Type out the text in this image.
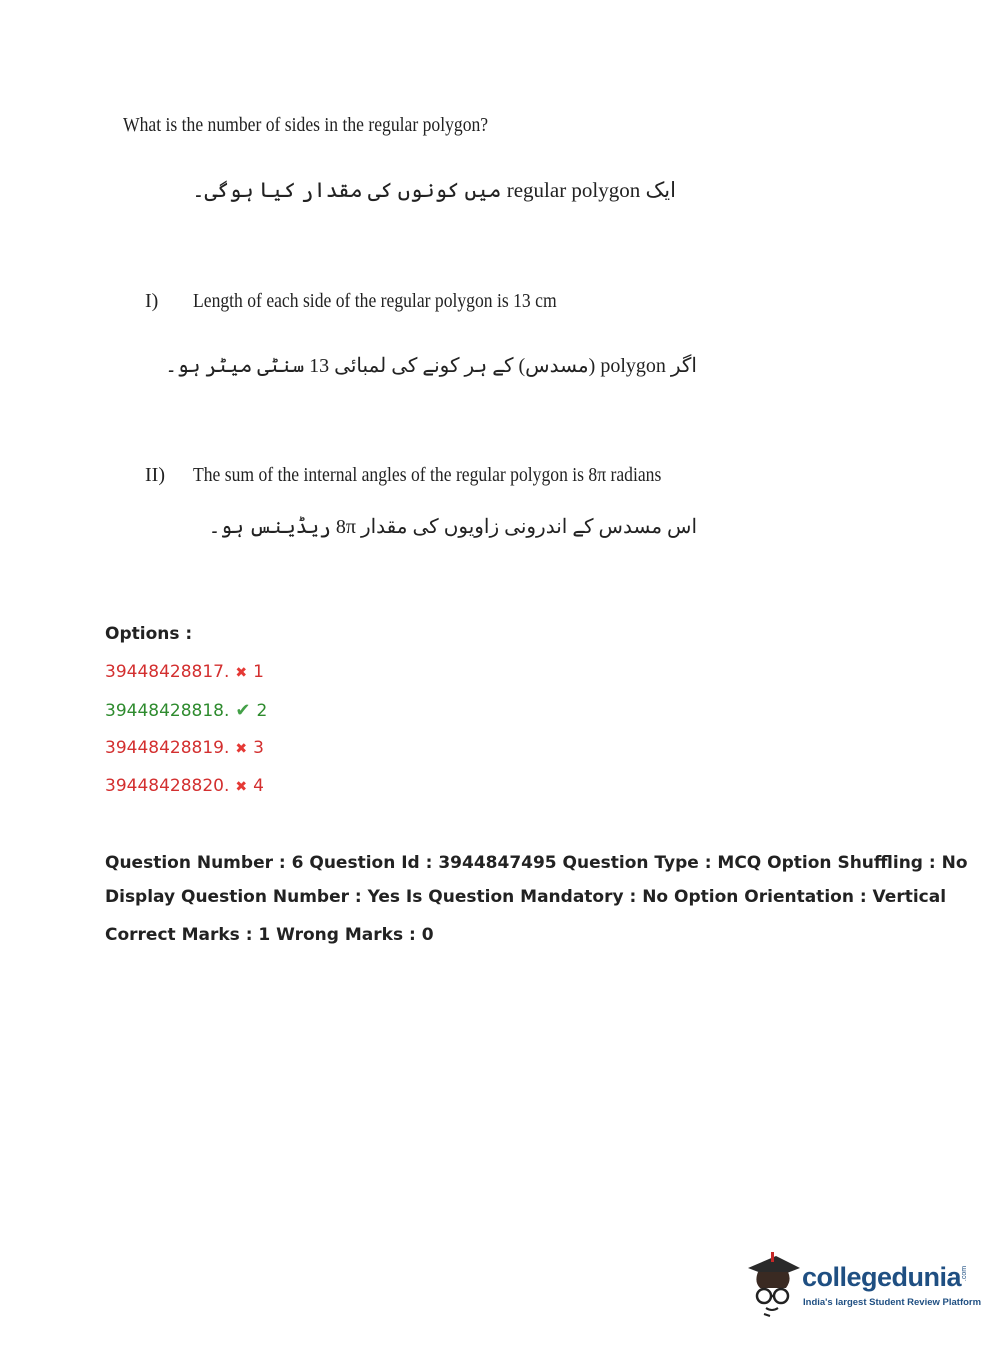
What is the number of sides in the regular polygon?
ایک regular polygon میں کونوں کی مقدار کیا ہوگی۔
I) Length of each side of the regular polygon is 13 cm
اگر polygon (مسدس) کے ہر کونے کی لمبائی 13 سنٹی میٹر ہو۔
II) The sum of the internal angles of the regular polygon is 8π radians
اس مسدس کے اندرونی زاویوں کی مقدار 8π ریڈینس ہو۔
Options :
39448428817. ✖ 1
39448428818. ✔ 2
39448428819. ✖ 3
39448428820. ✖ 4
Question Number : 6 Question Id : 3944847495 Question Type : MCQ Option Shuffling : No
Display Question Number : Yes Is Question Mandatory : No Option Orientation : Vertical
Correct Marks : 1 Wrong Marks : 0
collegedunia .com
India's largest Student Review Platform
